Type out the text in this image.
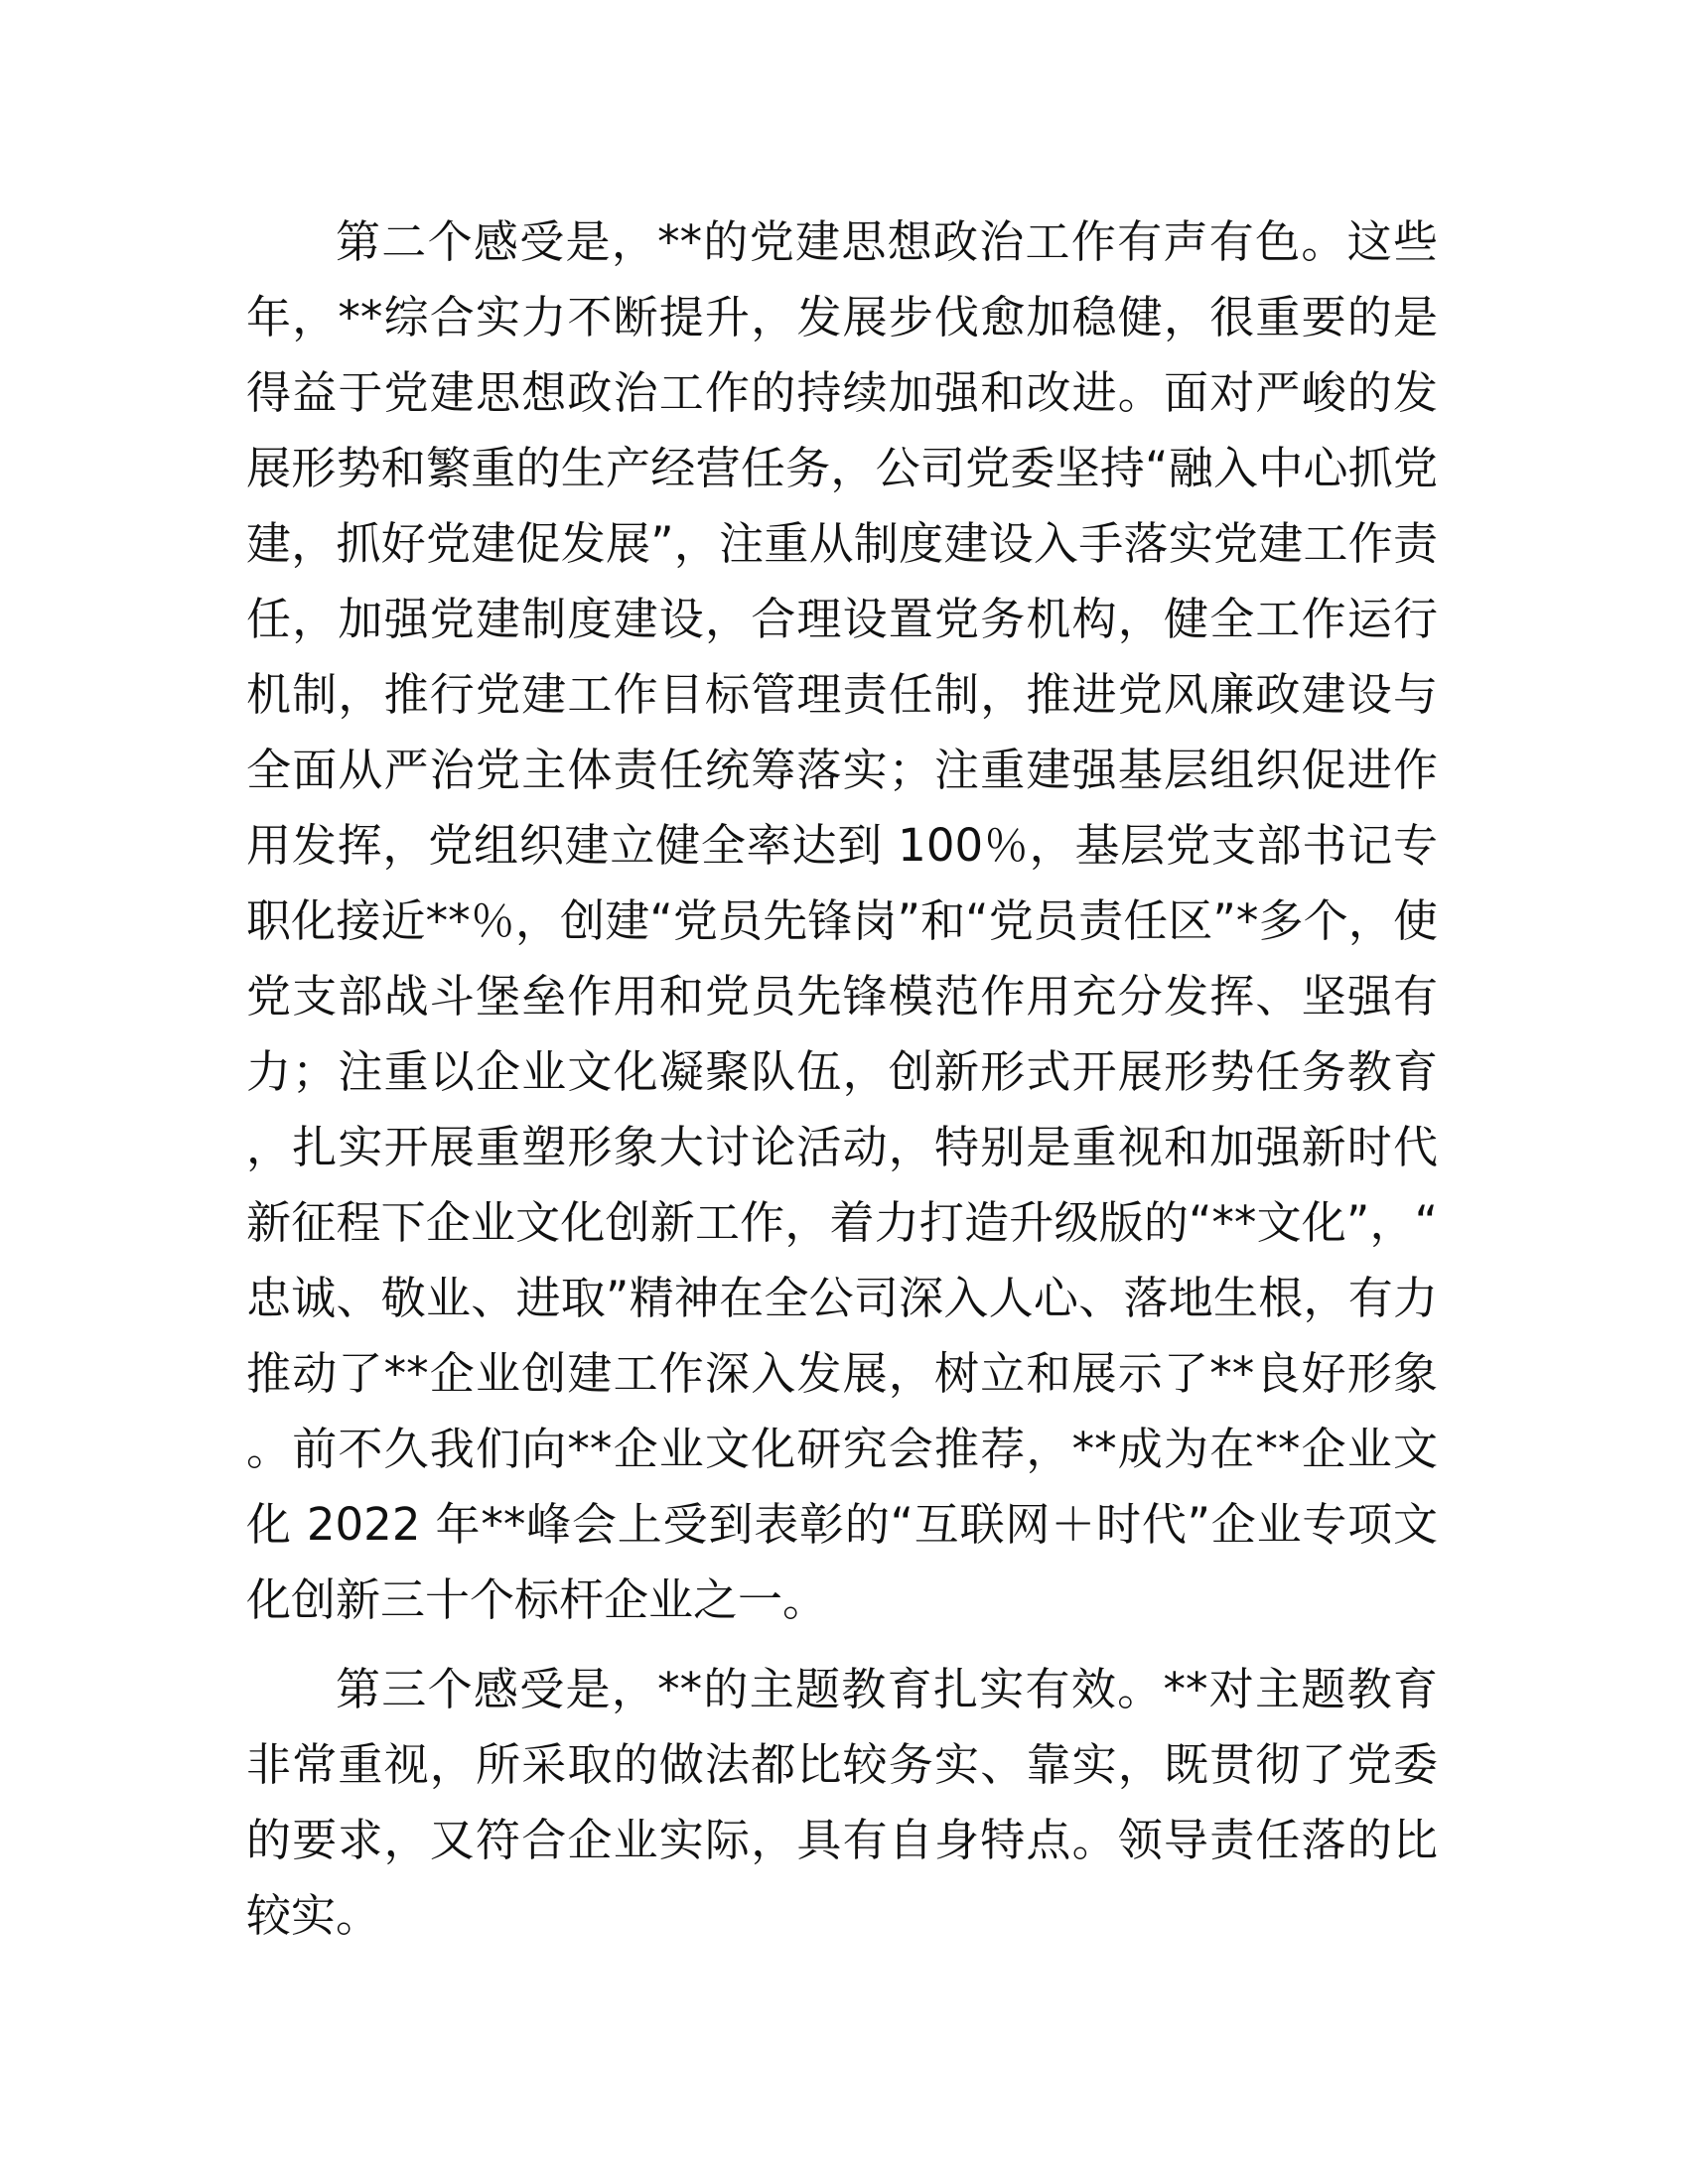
第二个感受是，**的党建思想政治工作有声有色。这些年，**综合实力不断提升，发展步伐愈加稳健，很重要的是得益于党建思想政治工作的持续加强和改进。面对严峻的发展形势和繁重的生产经营任务，公司党委坚持“融入中心抓党建，抓好党建促发展”，注重从制度建设入手落实党建工作责任，加强党建制度建设，合理设置党务机构，健全工作运行机制，推行党建工作目标管理责任制，推进党风廉政建设与全面从严治党主体责任统筹落实；注重建强基层组织促进作用发挥，党组织建立健全率达到 100％，基层党支部书记专职化接近**％，创建“党员先锋岗”和“党员责任区”*多个，使党支部战斗堡垒作用和党员先锋模范作用充分发挥、坚强有力；注重以企业文化凝聚队伍，创新形式开展形势任务教育，扎实开展重塑形象大讨论活动，特别是重视和加强新时代新征程下企业文化创新工作，着力打造升级版的“**文化”，“忠诚、敬业、进取”精神在全公司深入人心、落地生根，有力推动了**企业创建工作深入发展，树立和展示了**良好形象。前不久我们向**企业文化研究会推荐，**成为在**企业文化 2022 年**峰会上受到表彰的“互联网＋时代”企业专项文化创新三十个标杆企业之一。

第三个感受是，**的主题教育扎实有效。**对主题教育非常重视，所采取的做法都比较务实、靠实，既贯彻了党委的要求，又符合企业实际，具有自身特点。领导责任落的比较实。
